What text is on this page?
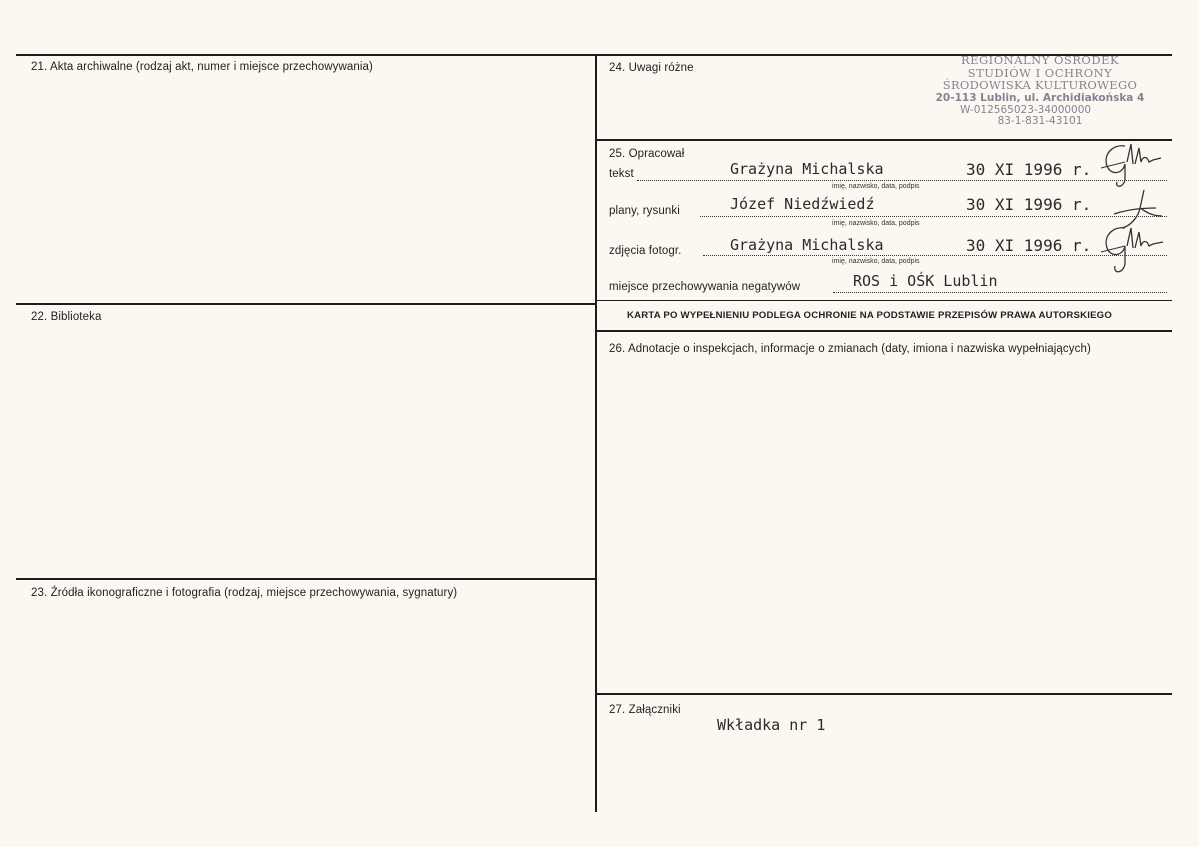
21. Akta archiwalne (rodzaj akt, numer i miejsce przechowywania)
22. Biblioteka
23. Źródła ikonograficzne i fotografia (rodzaj, miejsce przechowywania, sygnatury)
24. Uwagi różne
25. Opracował
26. Adnotacje o inspekcjach, informacje o zmianach (daty, imiona i nazwiska wypełniających)
27. Załączniki
REGIONALNY OŚRODEK
STUDIÓW I OCHRONY
ŚRODOWISKA KULTUROWEGO
20-113 Lublin, ul. Archidiakońska 4
W-012565023-34000000
83-1-831-43101
tekst	Grażyna Michalska	30 XI 1996 r.
imię, nazwisko, data, podpis
plany, rysunki	Józef Niedźwiedź	30 XI 1996 r.
imię, nazwisko, data, podpis
zdjęcia fotogr.	Grażyna Michalska	30 XI 1996 r.
imię, nazwisko, data, podpis
miejsce przechowywania negatywów	ROS i OŚK Lublin
KARTA PO WYPEŁNIENIU PODLEGA OCHRONIE NA PODSTAWIE PRZEPISÓW PRAWA AUTORSKIEGO
Wkładka nr 1
